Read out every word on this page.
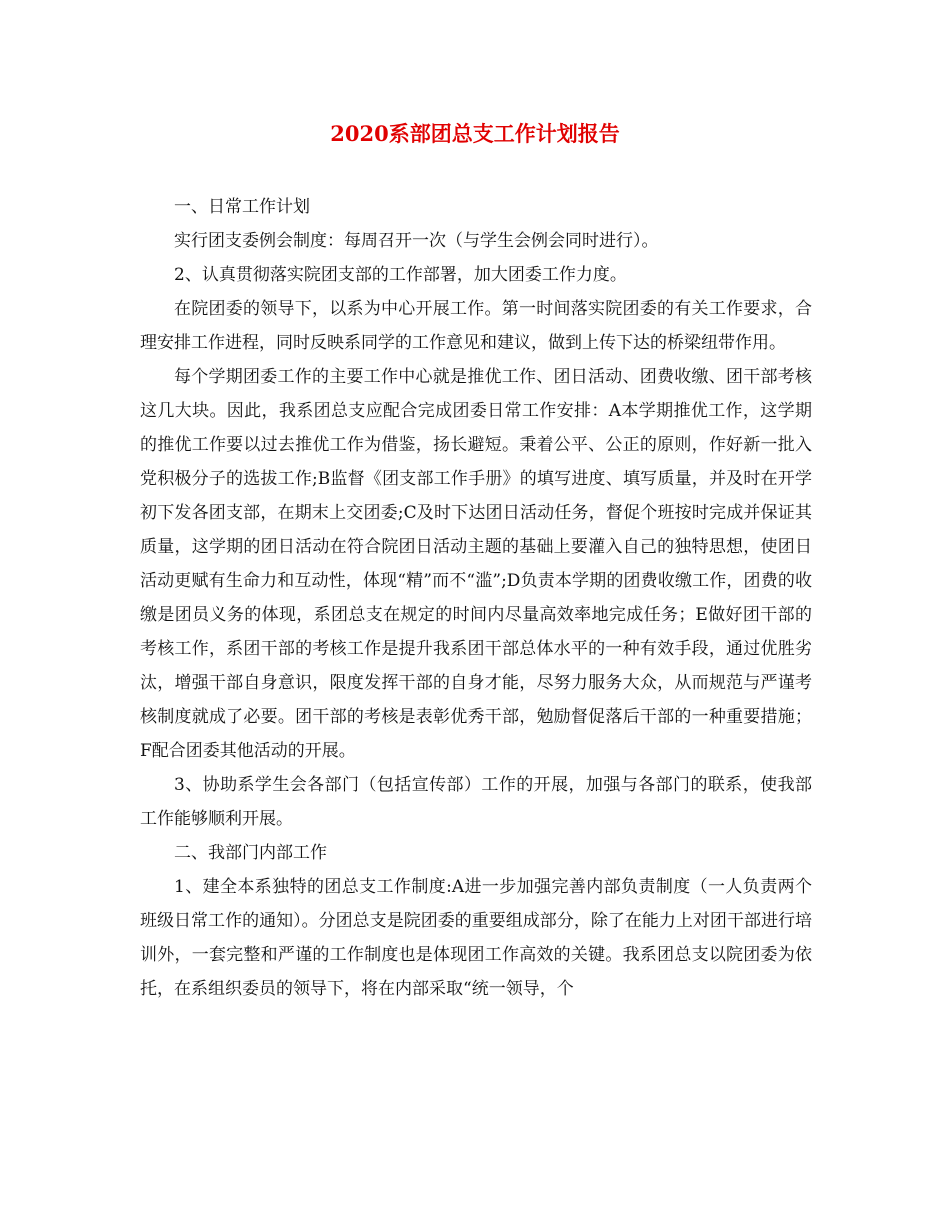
2020系部团总支工作计划报告

一、日常工作计划

实行团支委例会制度：每周召开一次（与学生会例会同时进行）。

2、认真贯彻落实院团支部的工作部署，加大团委工作力度。

在院团委的领导下，以系为中心开展工作。第一时间落实院团委的有关工作要求，合理安排工作进程，同时反映系同学的工作意见和建议，做到上传下达的桥梁纽带作用。

每个学期团委工作的主要工作中心就是推优工作、团日活动、团费收缴、团干部考核这几大块。因此，我系团总支应配合完成团委日常工作安排：A本学期推优工作，这学期的推优工作要以过去推优工作为借鉴，扬长避短。秉着公平、公正的原则，作好新一批入党积极分子的选拔工作;B监督《团支部工作手册》的填写进度、填写质量，并及时在开学初下发各团支部，在期末上交团委;C及时下达团日活动任务，督促个班按时完成并保证其质量，这学期的团日活动在符合院团日活动主题的基础上要灌入自己的独特思想，使团日活动更赋有生命力和互动性，体现“精”而不“滥”;D负责本学期的团费收缴工作，团费的收缴是团员义务的体现，系团总支在规定的时间内尽量高效率地完成任务；E做好团干部的考核工作，系团干部的考核工作是提升我系团干部总体水平的一种有效手段，通过优胜劣汰，增强干部自身意识，限度发挥干部的自身才能，尽努力服务大众，从而规范与严谨考核制度就成了必要。团干部的考核是表彰优秀干部，勉励督促落后干部的一种重要措施；F配合团委其他活动的开展。

3、协助系学生会各部门（包括宣传部）工作的开展，加强与各部门的联系，使我部工作能够顺利开展。

二、我部门内部工作

1、建全本系独特的团总支工作制度:A进一步加强完善内部负责制度（一人负责两个班级日常工作的通知）。分团总支是院团委的重要组成部分，除了在能力上对团干部进行培训外，一套完整和严谨的工作制度也是体现团工作高效的关键。我系团总支以院团委为依托，在系组织委员的领导下，将在内部采取“统一领导，个
